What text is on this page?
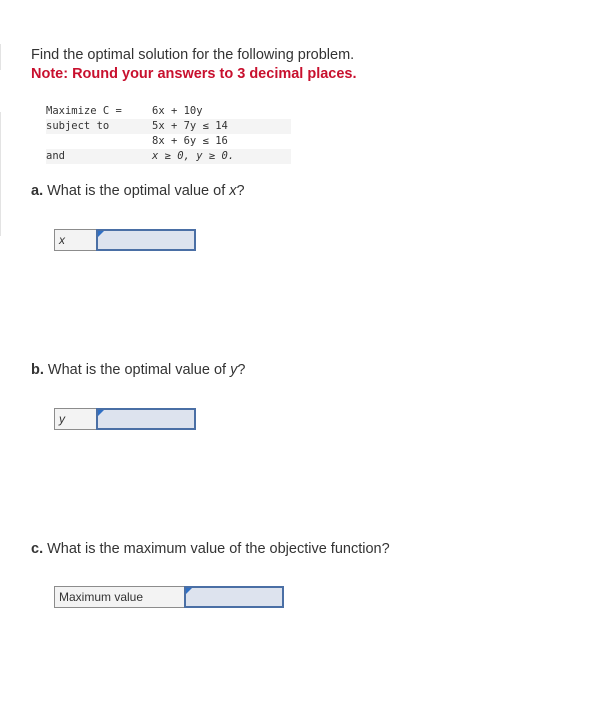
Find the optimal solution for the following problem.
Note: Round your answers to 3 decimal places.
Maximize C =	6x + 10y
subject to	5x + 7y ≤ 14
8x + 6y ≤ 16
and	x ≥ 0, y ≥ 0.
a. What is the optimal value of x?
x
b. What is the optimal value of y?
y
c. What is the maximum value of the objective function?
Maximum value
